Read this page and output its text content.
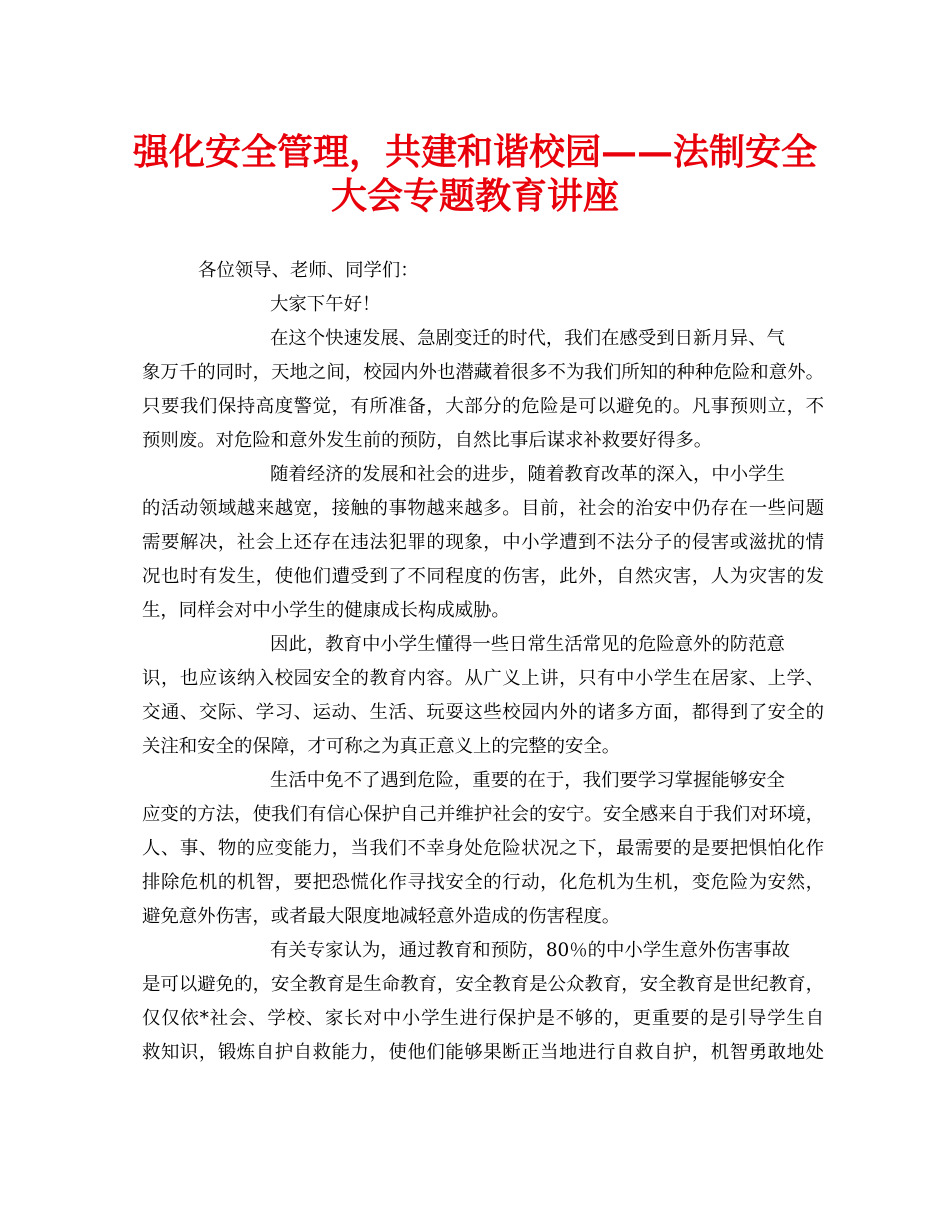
强化安全管理，共建和谐校园——法制安全
大会专题教育讲座
各位领导、老师、同学们：
大家下午好！
在这个快速发展、急剧变迁的时代，我们在感受到日新月异、气
象万千的同时，天地之间，校园内外也潜藏着很多不为我们所知的种种危险和意外。
只要我们保持高度警觉，有所准备，大部分的危险是可以避免的。凡事预则立，不
预则废。对危险和意外发生前的预防，自然比事后谋求补救要好得多。
随着经济的发展和社会的进步，随着教育改革的深入，中小学生
的活动领域越来越宽，接触的事物越来越多。目前，社会的治安中仍存在一些问题
需要解决，社会上还存在违法犯罪的现象，中小学遭到不法分子的侵害或滋扰的情
况也时有发生，使他们遭受到了不同程度的伤害，此外，自然灾害，人为灾害的发
生，同样会对中小学生的健康成长构成威胁。
因此，教育中小学生懂得一些日常生活常见的危险意外的防范意
识，也应该纳入校园安全的教育内容。从广义上讲，只有中小学生在居家、上学、
交通、交际、学习、运动、生活、玩耍这些校园内外的诸多方面，都得到了安全的
关注和安全的保障，才可称之为真正意义上的完整的安全。
生活中免不了遇到危险，重要的在于，我们要学习掌握能够安全
应变的方法，使我们有信心保护自己并维护社会的安宁。安全感来自于我们对环境，
人、事、物的应变能力，当我们不幸身处危险状况之下，最需要的是要把惧怕化作
排除危机的机智，要把恐慌化作寻找安全的行动，化危机为生机，变危险为安然，
避免意外伤害，或者最大限度地减轻意外造成的伤害程度。
有关专家认为，通过教育和预防，80％的中小学生意外伤害事故
是可以避免的，安全教育是生命教育，安全教育是公众教育，安全教育是世纪教育，
仅仅依*社会、学校、家长对中小学生进行保护是不够的，更重要的是引导学生自
救知识，锻炼自护自救能力，使他们能够果断正当地进行自救自护，机智勇敢地处
